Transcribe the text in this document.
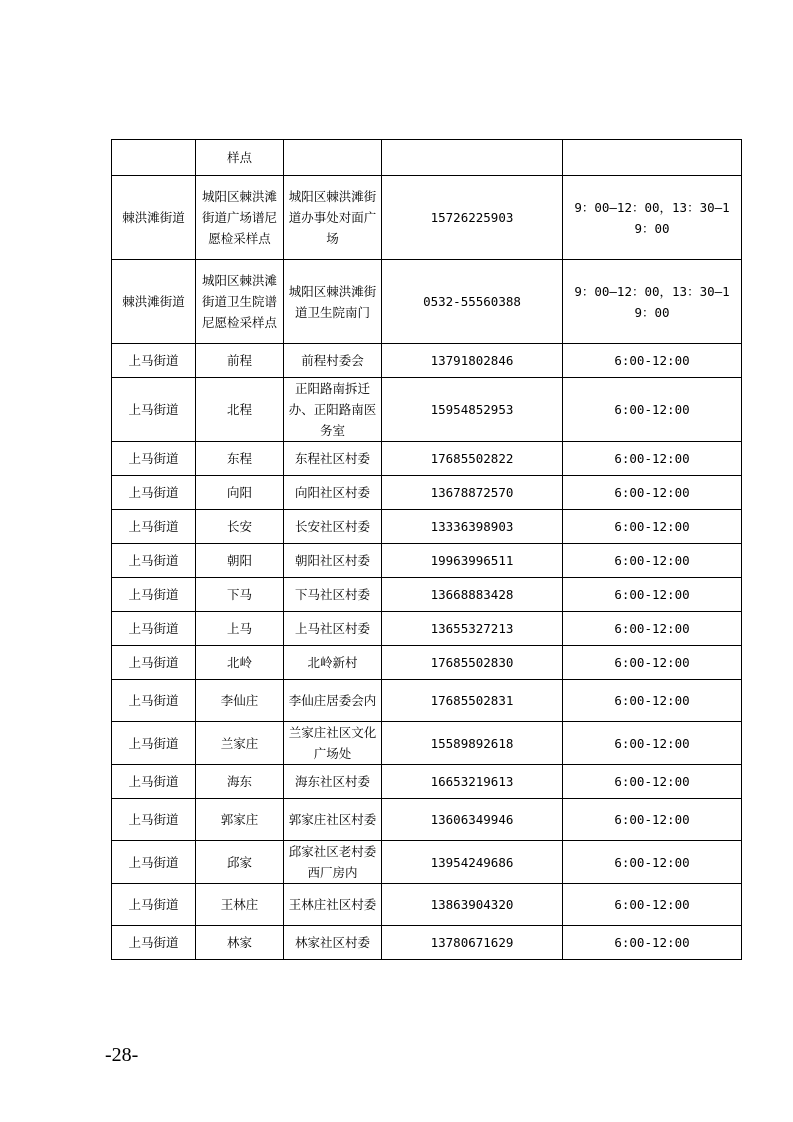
	样点			
棘洪滩街道	城阳区棘洪滩街道广场谱尼愿检采样点	城阳区棘洪滩街道办事处对面广场	15726225903	9：00—12：00，13：30—19：00
棘洪滩街道	城阳区棘洪滩街道卫生院谱尼愿检采样点	城阳区棘洪滩街道卫生院南门	0532-55560388	9：00—12：00，13：30—19：00
上马街道	前程	前程村委会	13791802846	6:00-12:00
上马街道	北程	正阳路南拆迁办、正阳路南医务室	15954852953	6:00-12:00
上马街道	东程	东程社区村委	17685502822	6:00-12:00
上马街道	向阳	向阳社区村委	13678872570	6:00-12:00
上马街道	长安	长安社区村委	13336398903	6:00-12:00
上马街道	朝阳	朝阳社区村委	19963996511	6:00-12:00
上马街道	下马	下马社区村委	13668883428	6:00-12:00
上马街道	上马	上马社区村委	13655327213	6:00-12:00
上马街道	北岭	北岭新村	17685502830	6:00-12:00
上马街道	李仙庄	李仙庄居委会内	17685502831	6:00-12:00
上马街道	兰家庄	兰家庄社区文化广场处	15589892618	6:00-12:00
上马街道	海东	海东社区村委	16653219613	6:00-12:00
上马街道	郭家庄	郭家庄社区村委	13606349946	6:00-12:00
上马街道	邱家	邱家社区老村委西厂房内	13954249686	6:00-12:00
上马街道	王林庄	王林庄社区村委	13863904320	6:00-12:00
上马街道	林家	林家社区村委	13780671629	6:00-12:00
-28-
